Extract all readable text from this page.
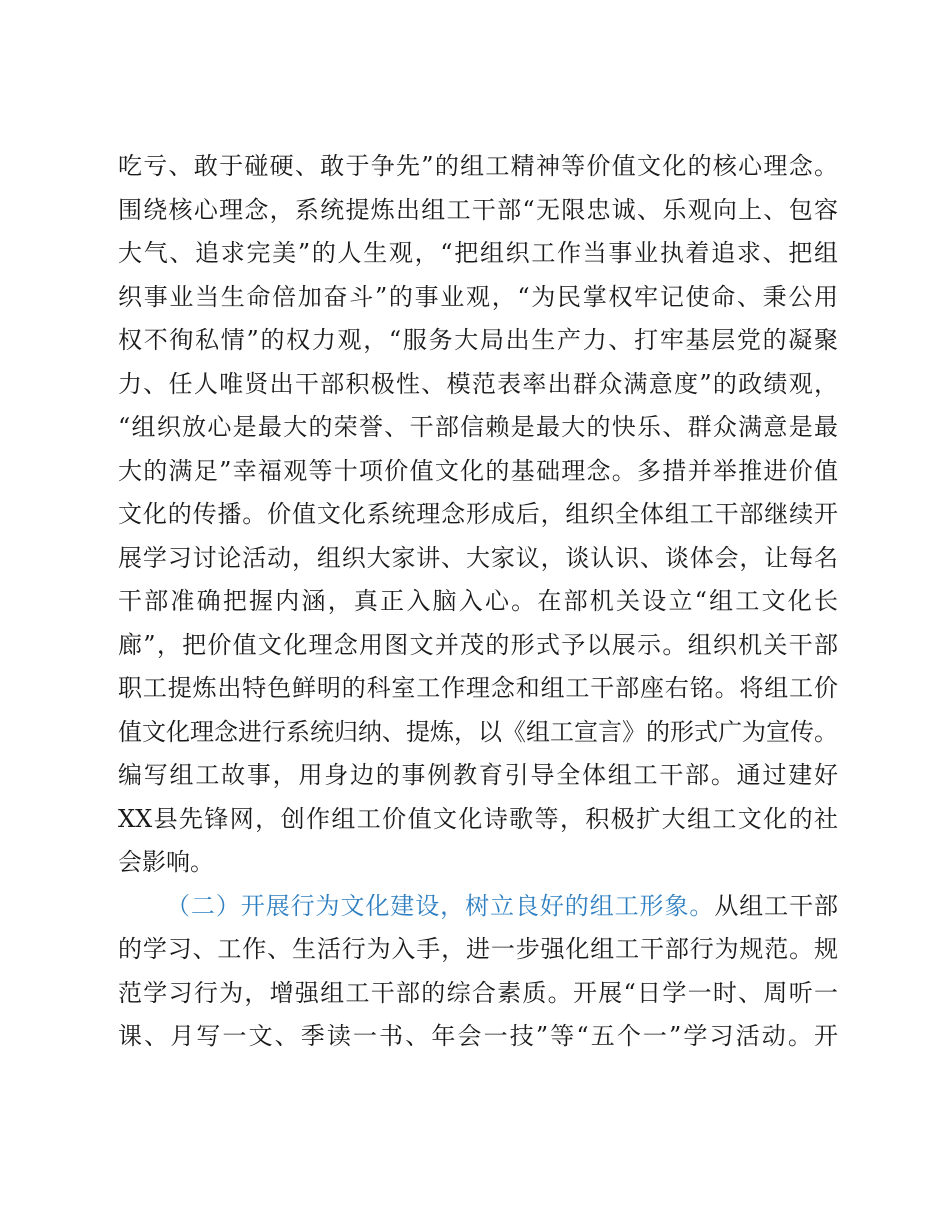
吃亏、敢于碰硬、敢于争先”的组工精神等价值文化的核心理念。
围绕核心理念，系统提炼出组工干部“无限忠诚、乐观向上、包容
大气、追求完美”的人生观，“把组织工作当事业执着追求、把组
织事业当生命倍加奋斗”的事业观，“为民掌权牢记使命、秉公用
权不徇私情”的权力观，“服务大局出生产力、打牢基层党的凝聚
力、任人唯贤出干部积极性、模范表率出群众满意度”的政绩观，
“组织放心是最大的荣誉、干部信赖是最大的快乐、群众满意是最
大的满足”幸福观等十项价值文化的基础理念。多措并举推进价值
文化的传播。价值文化系统理念形成后，组织全体组工干部继续开
展学习讨论活动，组织大家讲、大家议，谈认识、谈体会，让每名
干部准确把握内涵，真正入脑入心。在部机关设立“组工文化长
廊”，把价值文化理念用图文并茂的形式予以展示。组织机关干部
职工提炼出特色鲜明的科室工作理念和组工干部座右铭。将组工价
值文化理念进行系统归纳、提炼，以《组工宣言》的形式广为宣传。
编写组工故事，用身边的事例教育引导全体组工干部。通过建好
XX县先锋网，创作组工价值文化诗歌等，积极扩大组工文化的社
会影响。
（二）开展行为文化建设，树立良好的组工形象。从组工干部
的学习、工作、生活行为入手，进一步强化组工干部行为规范。规
范学习行为，增强组工干部的综合素质。开展“日学一时、周听一
课、月写一文、季读一书、年会一技”等“五个一”学习活动。开
